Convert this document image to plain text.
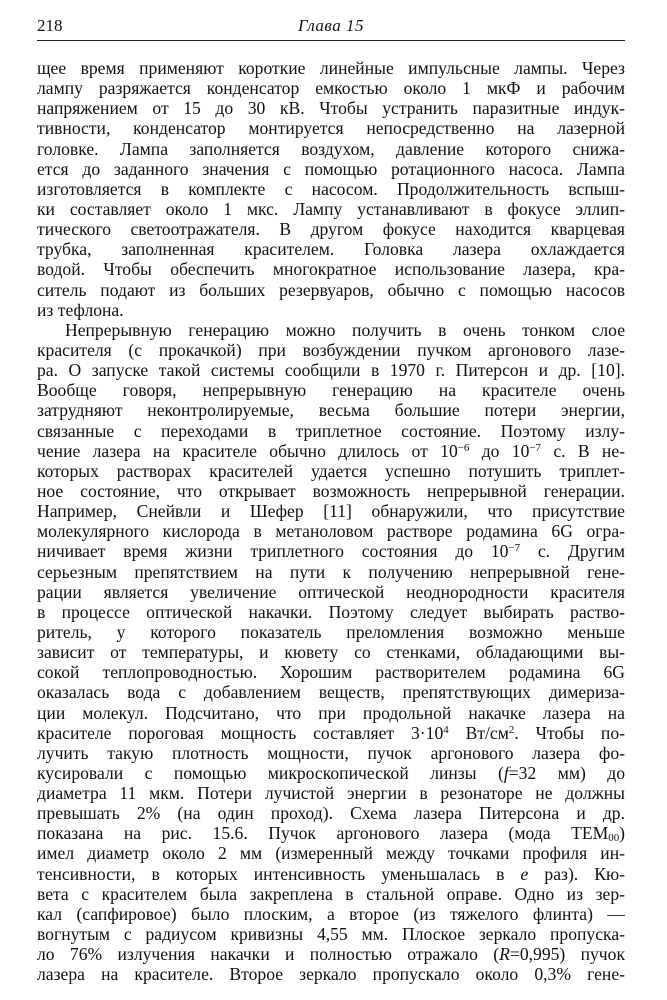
218	Глава 15
щее время применяют короткие линейные импульсные лампы. Через
лампу разряжается конденсатор емкостью около 1 мкФ и рабочим
напряжением от 15 до 30 кВ. Чтобы устранить паразитные индук-
тивности, конденсатор монтируется непосредственно на лазерной
головке. Лампа заполняется воздухом, давление которого снижа-
ется до заданного значения с помощью ротационного насоса. Лампа
изготовляется в комплекте с насосом. Продолжительность вспыш-
ки составляет около 1 мкс. Лампу устанавливают в фокусе эллип-
тического светоотражателя. В другом фокусе находится кварцевая
трубка, заполненная красителем. Головка лазера охлаждается
водой. Чтобы обеспечить многократное использование лазера, кра-
ситель подают из больших резервуаров, обычно с помощью насосов
из тефлона.
Непрерывную генерацию можно получить в очень тонком слое
красителя (с прокачкой) при возбуждении пучком аргонового лазе-
ра. О запуске такой системы сообщили в 1970 г. Питерсон и др. [10].
Вообще говоря, непрерывную генерацию на красителе очень
затрудняют неконтролируемые, весьма большие потери энергии,
связанные с переходами в триплетное состояние. Поэтому излу-
чение лазера на красителе обычно длилось от $10^{-6}$ до $10^{-7}$ с. В не-
которых растворах красителей удается успешно потушить триплет-
ное состояние, что открывает возможность непрерывной генерации.
Например, Снейвли и Шефер [11] обнаружили, что присутствие
молекулярного кислорода в метаноловом растворе родамина 6G огра-
ничивает время жизни триплетного состояния до $10^{-7}$ с. Другим
серьезным препятствием на пути к получению непрерывной гене-
рации является увеличение оптической неоднородности красителя
в процессе оптической накачки. Поэтому следует выбирать раство-
ритель, у которого показатель преломления возможно меньше
зависит от температуры, и кювету со стенками, обладающими вы-
сокой теплопроводностью. Хорошим растворителем родамина 6G
оказалась вода с добавлением веществ, препятствующих димериза-
ции молекул. Подсчитано, что при продольной накачке лазера на
красителе пороговая мощность составляет $3\cdot 10^4$ $Вт/см^2$. Чтобы по-
лучить такую плотность мощности, пучок аргонового лазера фо-
кусировали с помощью микроскопической линзы (f=32 мм) до
диаметра 11 мкм. Потери лучистой энергии в резонаторе не должны
превышать 2% (на один проход). Схема лазера Питерсона и др.
показана на рис. 15.6. Пучок аргонового лазера (мода $TEM_{00}$)
имел диаметр около 2 мм (измеренный между точками профиля ин-
тенсивности, в которых интенсивность уменьшалась в e раз). Кю-
вета с красителем была закреплена в стальной оправе. Одно из зер-
кал (сапфировое) было плоским, а второе (из тяжелого флинта) —
вогнутым с радиусом кривизны 4,55 мм. Плоское зеркало пропуска-
ло 76% излучения накачки и полностью отражало (R=0,995) пучок
лазера на красителе. Второе зеркало пропускало около 0,3% гене-
